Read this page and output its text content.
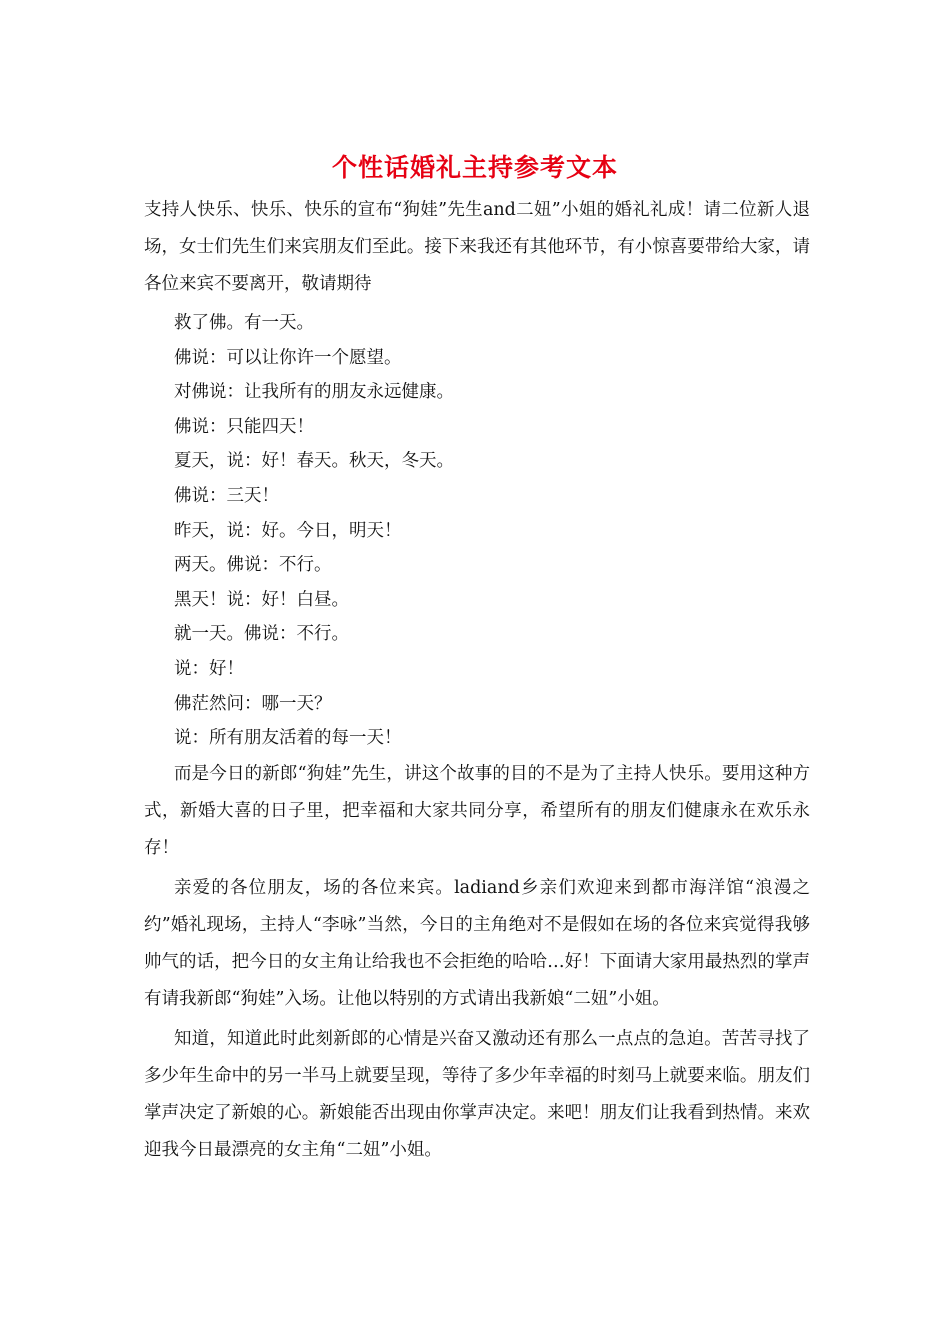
个性话婚礼主持参考文本

支持人快乐、快乐、快乐的宣布“狗娃”先生and二妞”小姐的婚礼礼成！请二位新人退场，女士们先生们来宾朋友们至此。接下来我还有其他环节，有小惊喜要带给大家，请各位来宾不要离开，敬请期待

救了佛。有一天。

佛说：可以让你许一个愿望。

对佛说：让我所有的朋友永远健康。

佛说：只能四天！

夏天，说：好！春天。秋天，冬天。

佛说：三天！

昨天，说：好。今日，明天！

两天。佛说：不行。

黑天！说：好！白昼。

就一天。佛说：不行。

说：好！

佛茫然问：哪一天？

说：所有朋友活着的每一天！

而是今日的新郎“狗娃”先生，讲这个故事的目的不是为了主持人快乐。要用这种方式，新婚大喜的日子里，把幸福和大家共同分享，希望所有的朋友们健康永在欢乐永存！

亲爱的各位朋友，场的各位来宾。ladiand乡亲们欢迎来到都市海洋馆“浪漫之约”婚礼现场，主持人“李咏”当然，今日的主角绝对不是假如在场的各位来宾觉得我够帅气的话，把今日的女主角让给我也不会拒绝的哈哈…好！下面请大家用最热烈的掌声有请我新郎“狗娃”入场。让他以特别的方式请出我新娘“二妞”小姐。

知道，知道此时此刻新郎的心情是兴奋又激动还有那么一点点的急迫。苦苦寻找了多少年生命中的另一半马上就要呈现，等待了多少年幸福的时刻马上就要来临。朋友们掌声决定了新娘的心。新娘能否出现由你掌声决定。来吧！朋友们让我看到热情。来欢迎我今日最漂亮的女主角“二妞”小姐。
